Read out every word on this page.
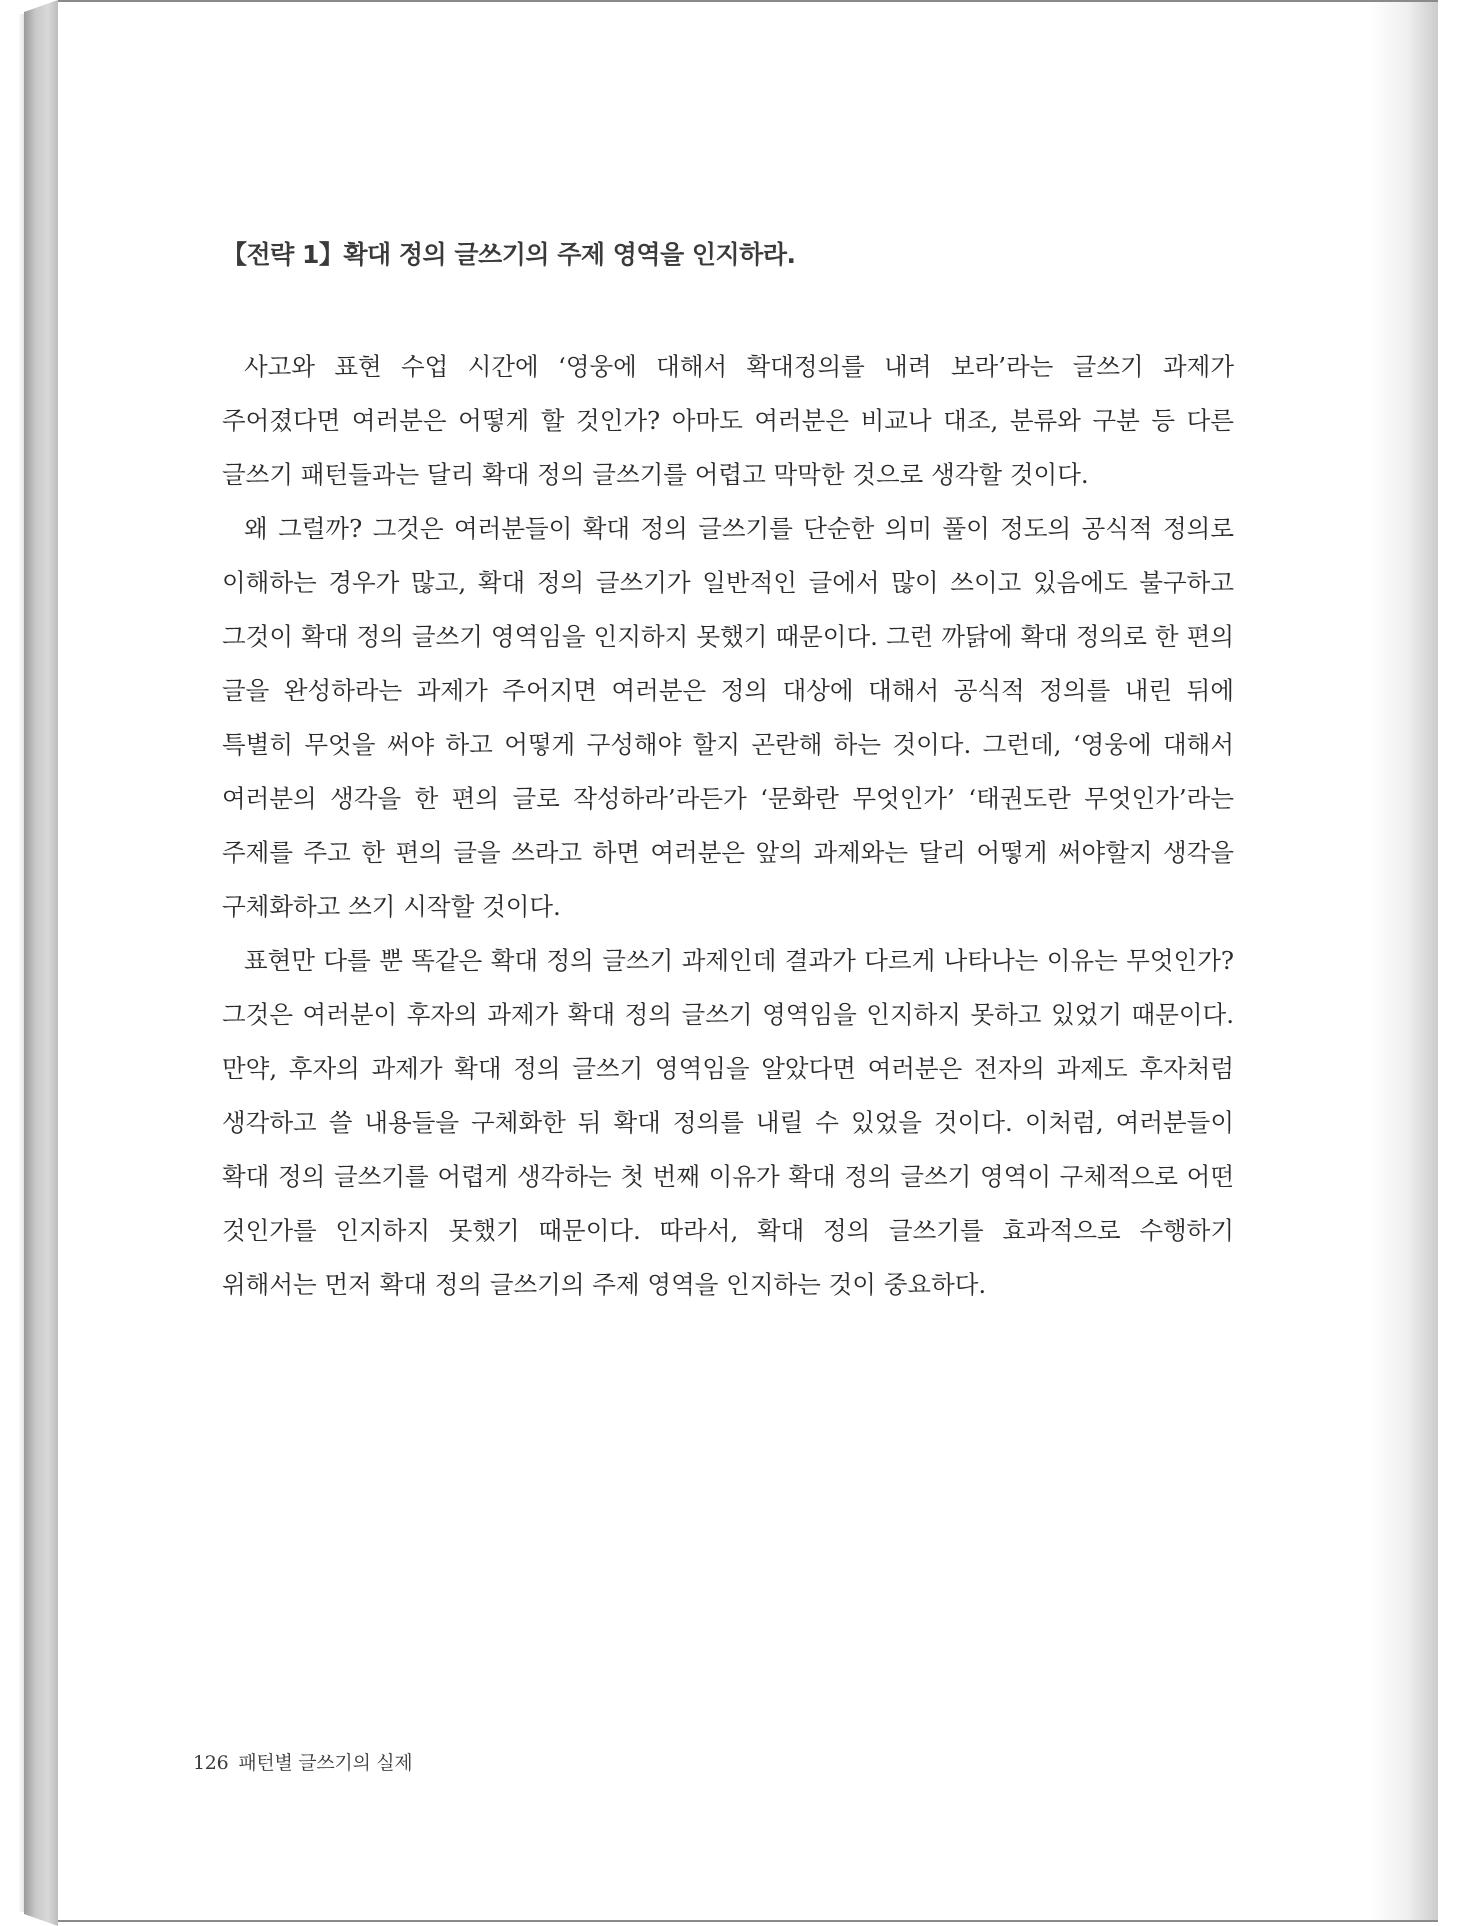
【전략 1】확대 정의 글쓰기의 주제 영역을 인지하라.

사고와 표현 수업 시간에 ‘영웅에 대해서 확대정의를 내려 보라’라는 글쓰기 과제가 주어졌다면 여러분은 어떻게 할 것인가? 아마도 여러분은 비교나 대조, 분류와 구분 등 다른 글쓰기 패턴들과는 달리 확대 정의 글쓰기를 어렵고 막막한 것으로 생각할 것이다.

왜 그럴까? 그것은 여러분들이 확대 정의 글쓰기를 단순한 의미 풀이 정도의 공식적 정의로 이해하는 경우가 많고, 확대 정의 글쓰기가 일반적인 글에서 많이 쓰이고 있음에도 불구하고 그것이 확대 정의 글쓰기 영역임을 인지하지 못했기 때문이다. 그런 까닭에 확대 정의로 한 편의 글을 완성하라는 과제가 주어지면 여러분은 정의 대상에 대해서 공식적 정의를 내린 뒤에 특별히 무엇을 써야 하고 어떻게 구성해야 할지 곤란해 하는 것이다. 그런데, ‘영웅에 대해서 여러분의 생각을 한 편의 글로 작성하라’라든가 ‘문화란 무엇인가’ ‘태권도란 무엇인가’라는 주제를 주고 한 편의 글을 쓰라고 하면 여러분은 앞의 과제와는 달리 어떻게 써야할지 생각을 구체화하고 쓰기 시작할 것이다.

표현만 다를 뿐 똑같은 확대 정의 글쓰기 과제인데 결과가 다르게 나타나는 이유는 무엇인가? 그것은 여러분이 후자의 과제가 확대 정의 글쓰기 영역임을 인지하지 못하고 있었기 때문이다. 만약, 후자의 과제가 확대 정의 글쓰기 영역임을 알았다면 여러분은 전자의 과제도 후자처럼 생각하고 쓸 내용들을 구체화한 뒤 확대 정의를 내릴 수 있었을 것이다. 이처럼, 여러분들이 확대 정의 글쓰기를 어렵게 생각하는 첫 번째 이유가 확대 정의 글쓰기 영역이 구체적으로 어떤 것인가를 인지하지 못했기 때문이다. 따라서, 확대 정의 글쓰기를 효과적으로 수행하기 위해서는 먼저 확대 정의 글쓰기의 주제 영역을 인지하는 것이 중요하다.

126 패턴별 글쓰기의 실제
